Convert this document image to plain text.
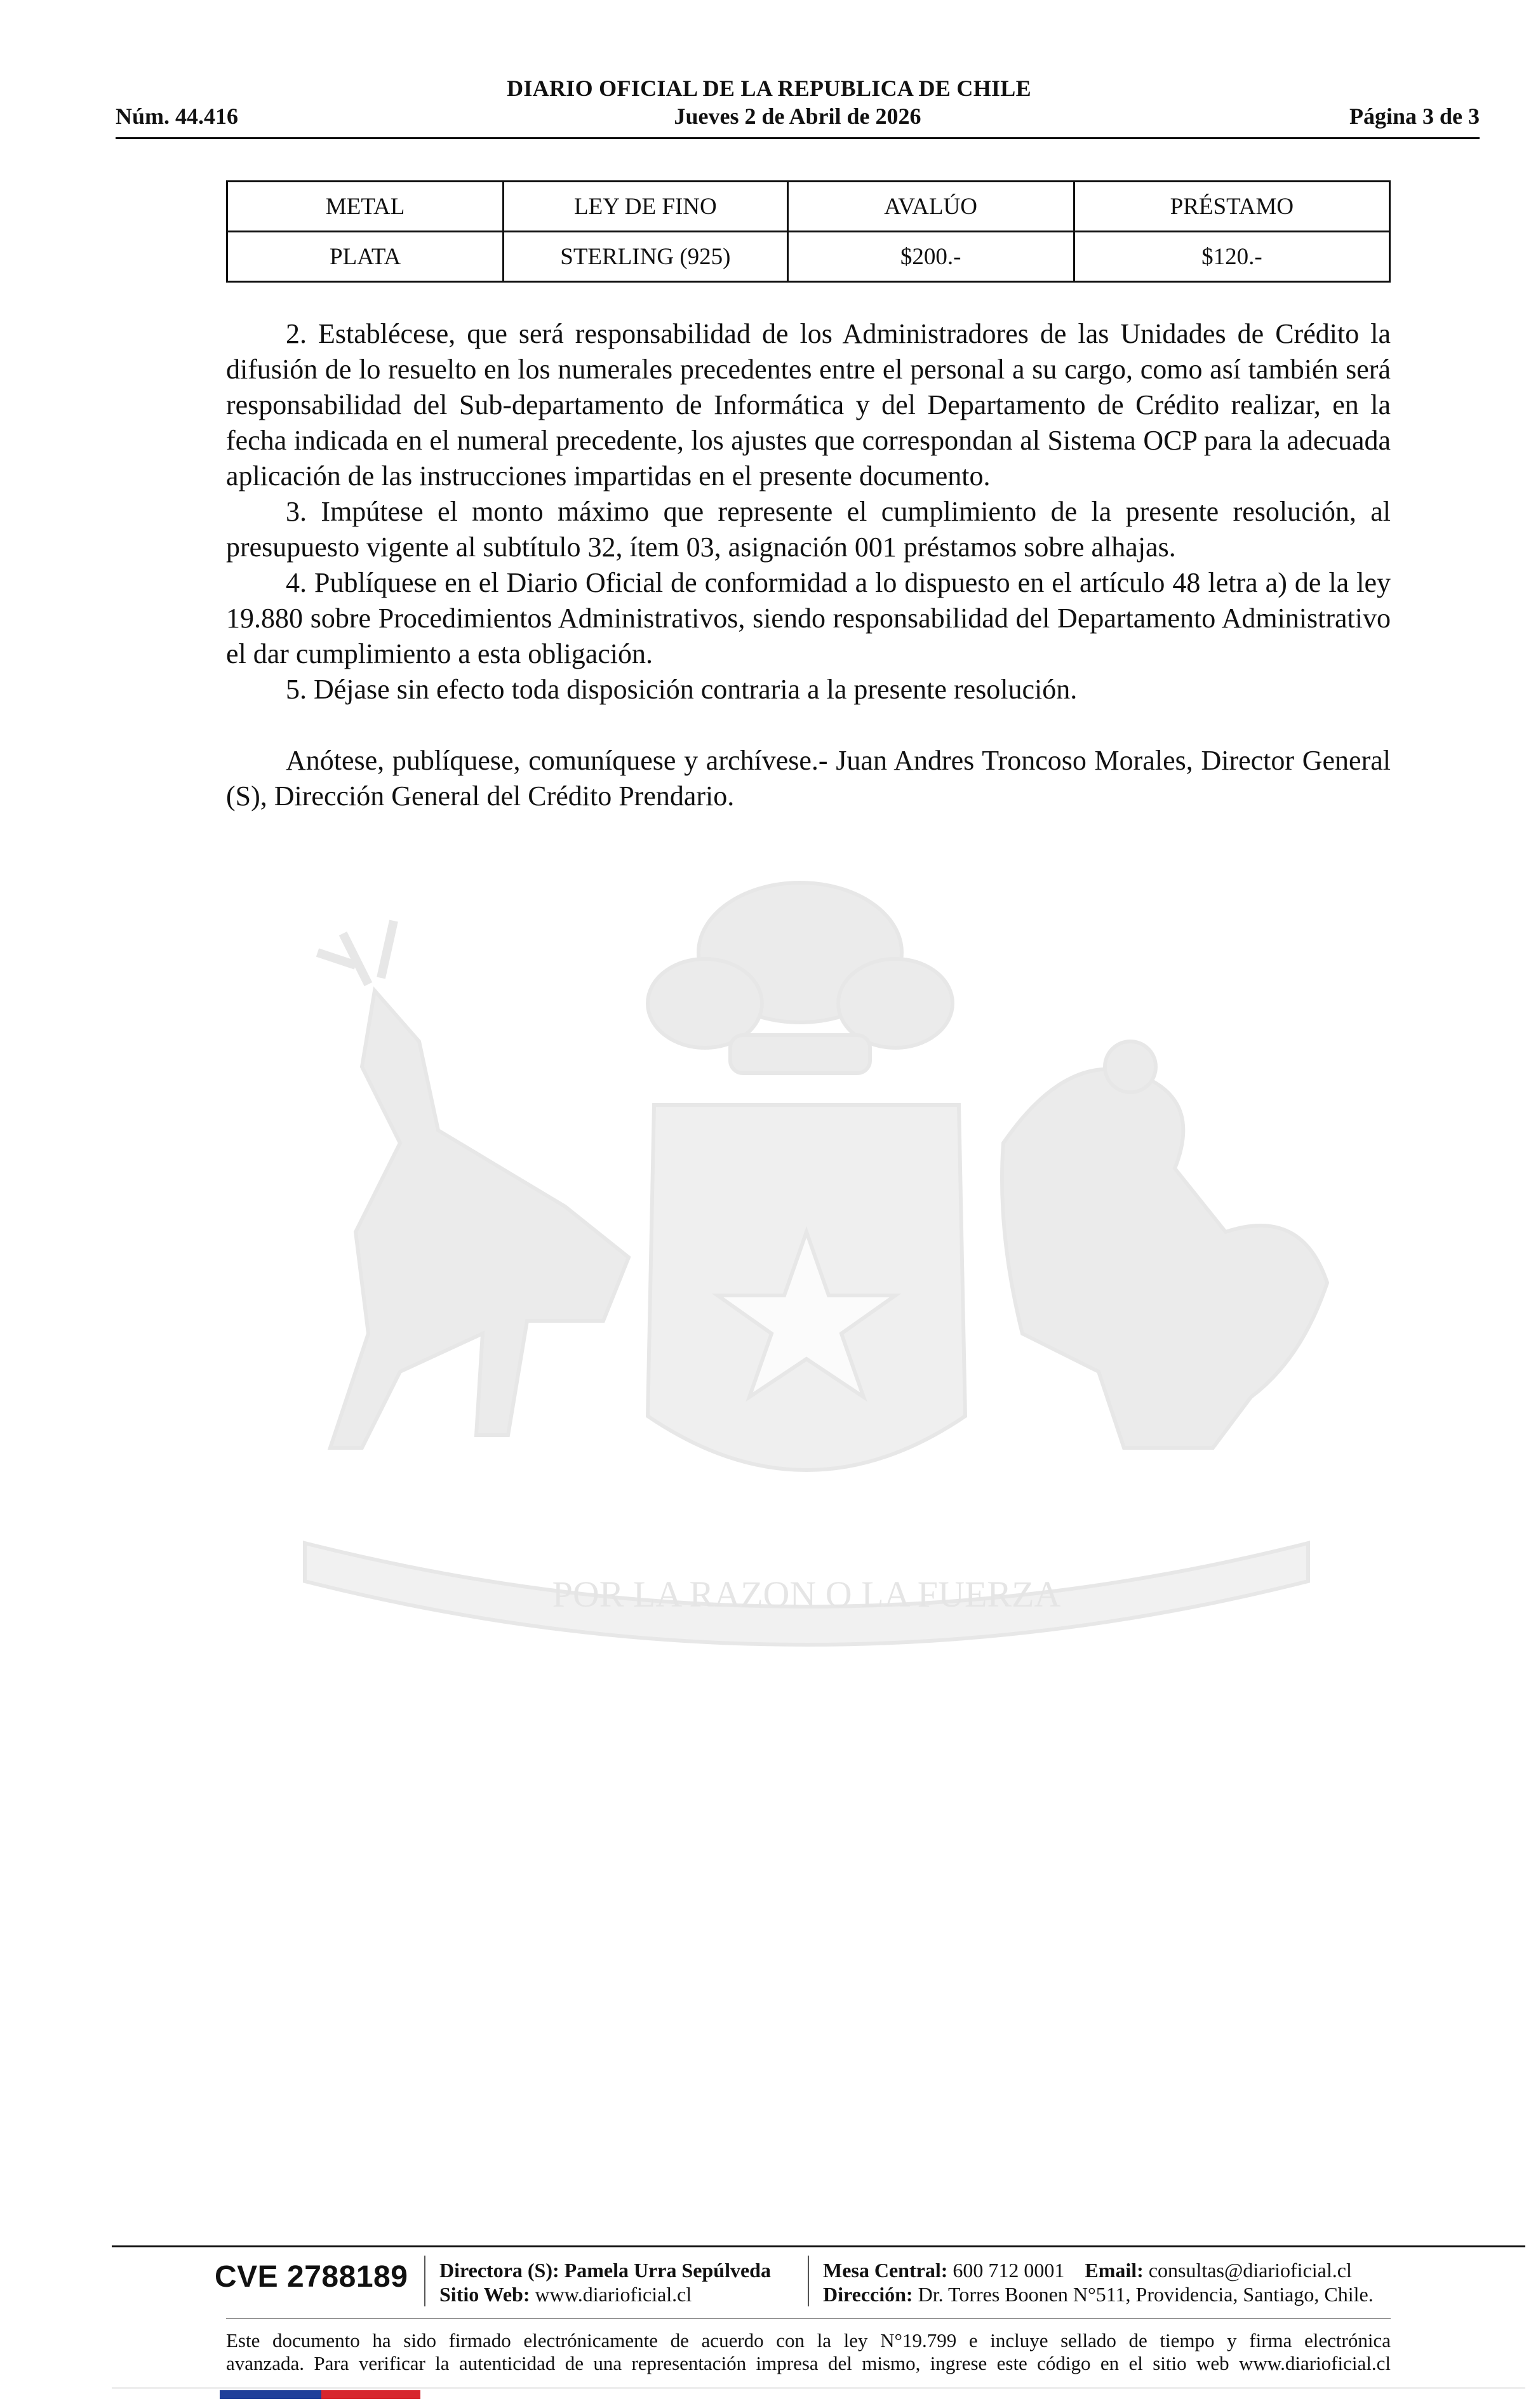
DIARIO OFICIAL DE LA REPUBLICA DE CHILE
Jueves 2 de Abril de 2026
Núm. 44.416	Página 3 de 3
METAL	LEY DE FINO	AVALÚO	PRÉSTAMO
PLATA	STERLING (925)	$200.-	$120.-

2. Establécese, que será responsabilidad de los Administradores de las Unidades de Crédito la difusión de lo resuelto en los numerales precedentes entre el personal a su cargo, como así también será responsabilidad del Sub-departamento de Informática y del Departamento de Crédito realizar, en la fecha indicada en el numeral precedente, los ajustes que correspondan al Sistema OCP para la adecuada aplicación de las instrucciones impartidas en el presente documento.

3. Impútese el monto máximo que represente el cumplimiento de la presente resolución, al presupuesto vigente al subtítulo 32, ítem 03, asignación 001 préstamos sobre alhajas.

4. Publíquese en el Diario Oficial de conformidad a lo dispuesto en el artículo 48 letra a) de la ley 19.880 sobre Procedimientos Administrativos, siendo responsabilidad del Departamento Administrativo el dar cumplimiento a esta obligación.

5. Déjase sin efecto toda disposición contraria a la presente resolución.

Anótese, publíquese, comuníquese y archívese.- Juan Andres Troncoso Morales, Director General (S), Dirección General del Crédito Prendario.

POR LA RAZON O LA FUERZA
CVE 2788189 Directora (S): Pamela Urra Sepúlveda
Sitio Web: www.diarioficial.cl
Mesa Central: 600 712 0001 Email: consultas@diarioficial.cl
Dirección: Dr. Torres Boonen N°511, Providencia, Santiago, Chile.
Este documento ha sido firmado electrónicamente de acuerdo con la ley N°19.799 e incluye sellado de tiempo y firma electrónica
avanzada. Para verificar la autenticidad de una representación impresa del mismo, ingrese este código en el sitio web www.diarioficial.cl
